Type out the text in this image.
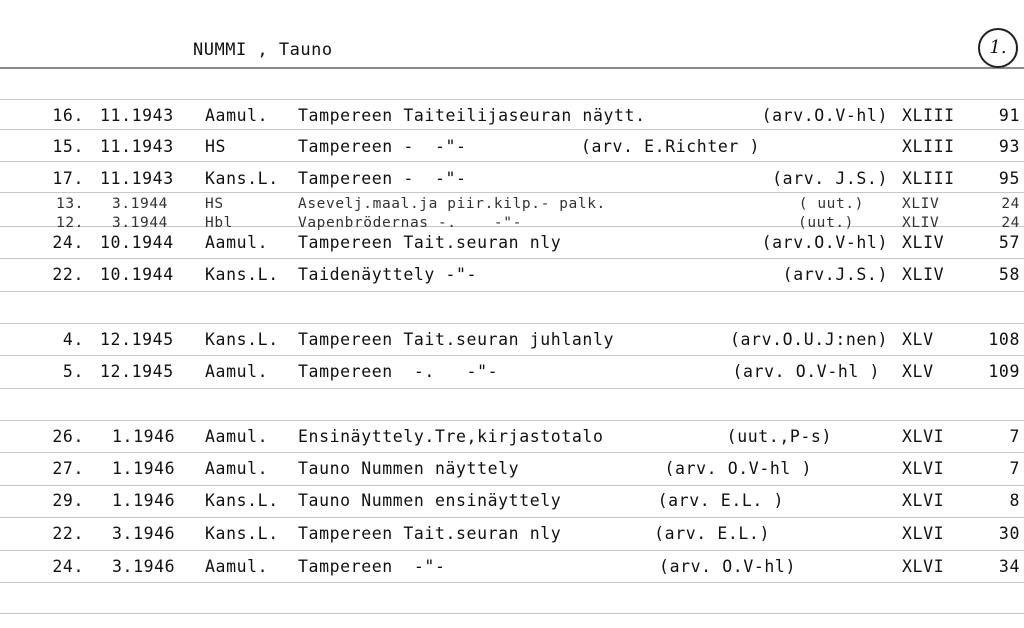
NUMMI , Tauno	1.
16. 11.1943 Aamul. Tampereen Taiteilijaseuran näytt.	(arv.O.V-hl) XLIII	91
15. 11.1943 HS	Tampereen -  -"-	(arv. E.Richter )	XLIII	93
17. 11.1943 Kans.L. Tampereen -  -"-	(arv. J.S.) XLIII	95
13. 3.1944	HS	Asevelj.maal.ja piir.kilp.- palk.	( uut.)	XLIV	24
12. 3.1944	Hbl	Vapenbrödernas -.    -"-	(uut.)	XLIV	24
24. 10.1944 Aamul. Tampereen Tait.seuran nly	(arv.O.V-hl) XLIV	57
22. 10.1944 Kans.L. Taidenäyttely -"-	(arv.J.S.) XLIV	58
4. 12.1945 Kans.L. Tampereen Tait.seuran juhlanly	(arv.O.U.J:nen) XLV	108
5. 12.1945 Aamul. Tampereen  -.   -"-	(arv. O.V-hl ) XLV	109
26. 1.1946 Aamul. Ensinäyttely.Tre,kirjastotalo	(uut.,P-s)	XLVI	7
27. 1.1946 Aamul. Tauno Nummen näyttely	(arv. O.V-hl )	XLVI	7
29. 1.1946 Kans.L. Tauno Nummen ensinäyttely	(arv. E.L. )	XLVI	8
22. 3.1946 Kans.L. Tampereen Tait.seuran nly	(arv. E.L.)	XLVI	30
24. 3.1946 Aamul. Tampereen  -"-	(arv. O.V-hl)	XLVI	34
